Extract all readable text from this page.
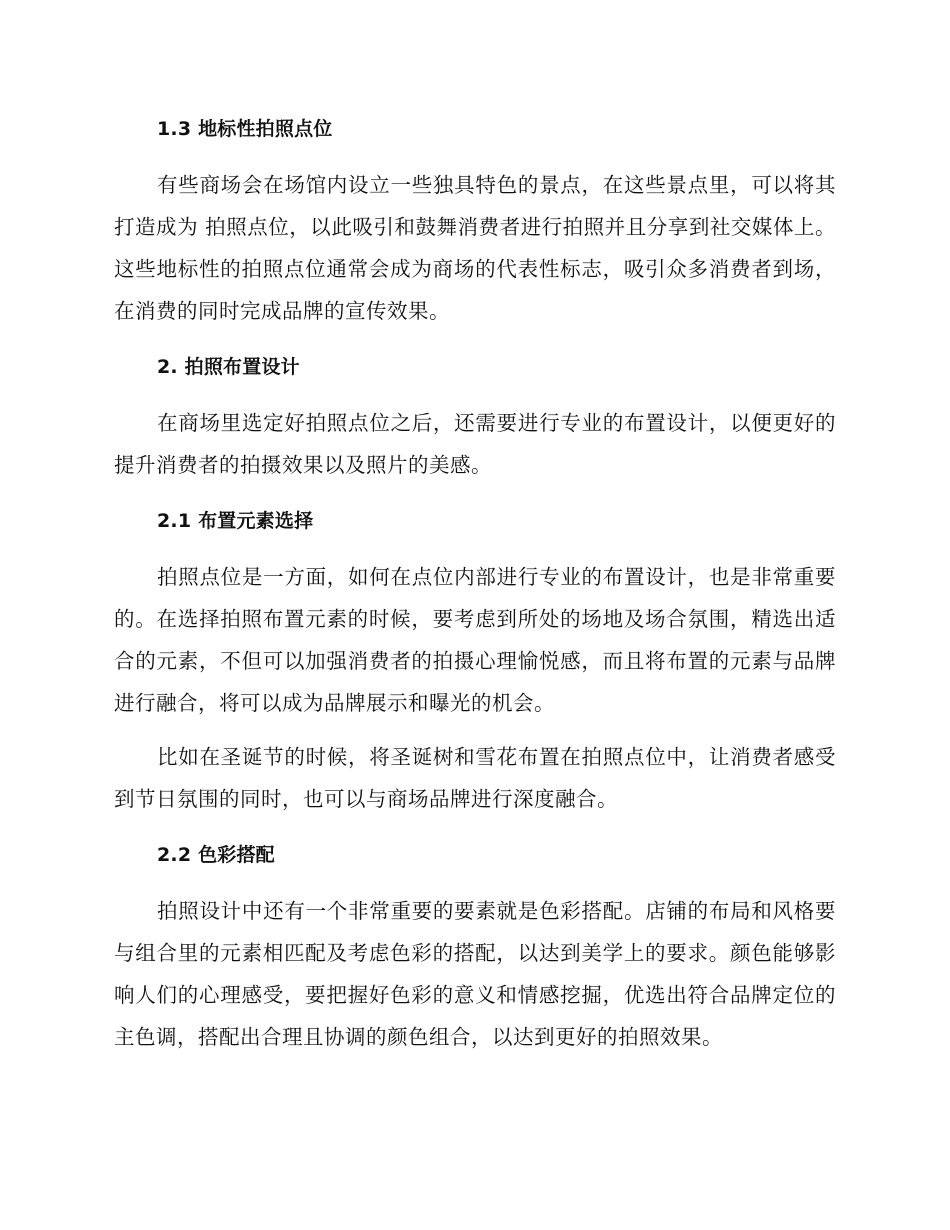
1.3 地标性拍照点位

有些商场会在场馆内设立一些独具特色的景点，在这些景点里，可以将其打造成为 拍照点位，以此吸引和鼓舞消费者进行拍照并且分享到社交媒体上。这些地标性的拍照点位通常会成为商场的代表性标志，吸引众多消费者到场，在消费的同时完成品牌的宣传效果。

2. 拍照布置设计

在商场里选定好拍照点位之后，还需要进行专业的布置设计，以便更好的提升消费者的拍摄效果以及照片的美感。

2.1 布置元素选择

拍照点位是一方面，如何在点位内部进行专业的布置设计，也是非常重要的。在选择拍照布置元素的时候，要考虑到所处的场地及场合氛围，精选出适合的元素，不但可以加强消费者的拍摄心理愉悦感，而且将布置的元素与品牌进行融合，将可以成为品牌展示和曝光的机会。

比如在圣诞节的时候，将圣诞树和雪花布置在拍照点位中，让消费者感受到节日氛围的同时，也可以与商场品牌进行深度融合。

2.2 色彩搭配

拍照设计中还有一个非常重要的要素就是色彩搭配。店铺的布局和风格要与组合里的元素相匹配及考虑色彩的搭配，以达到美学上的要求。颜色能够影响人们的心理感受，要把握好色彩的意义和情感挖掘，优选出符合品牌定位的主色调，搭配出合理且协调的颜色组合，以达到更好的拍照效果。
